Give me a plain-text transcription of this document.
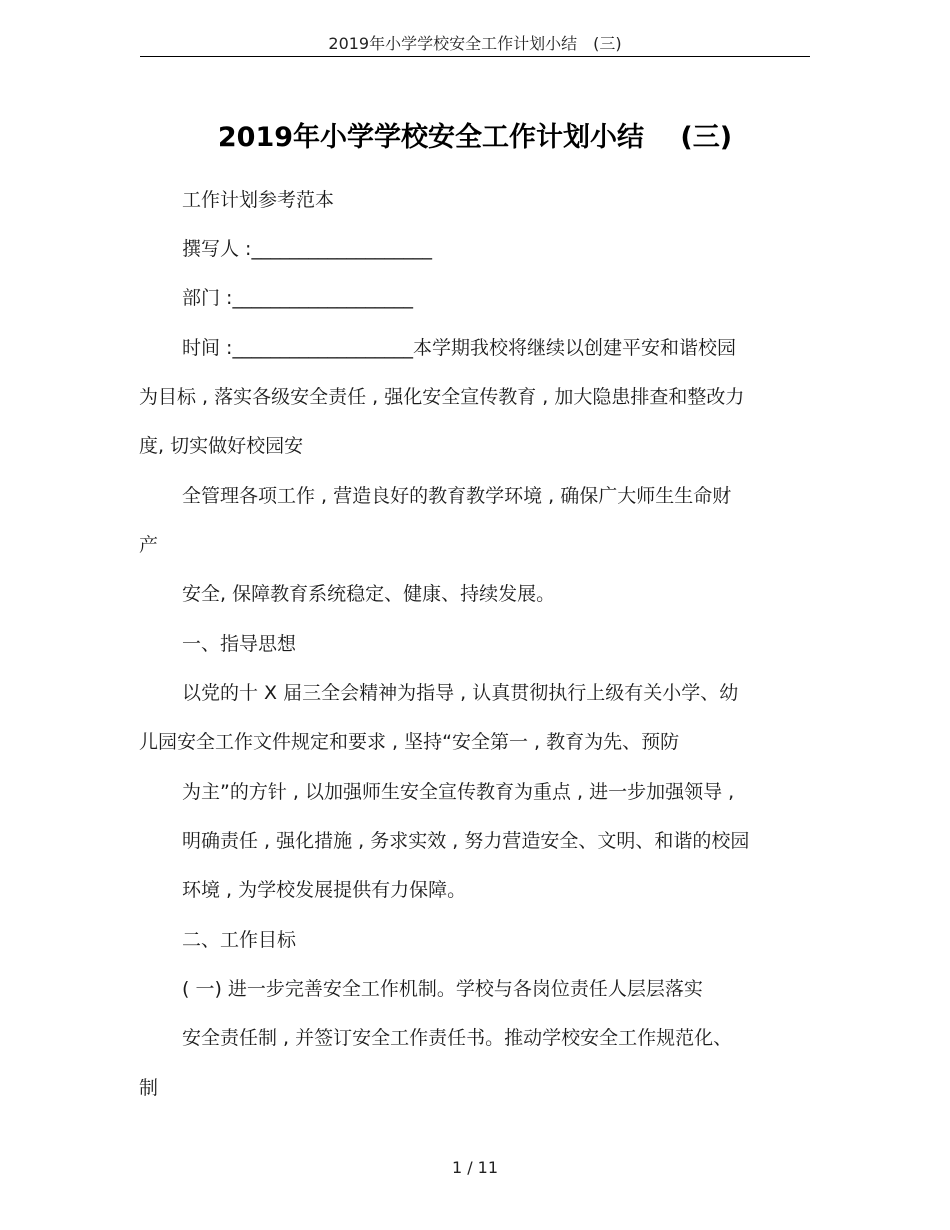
2019年小学学校安全工作计划小结　(三)
2019年小学学校安全工作计划小结　 (三)
工作计划参考范本
撰写人 :___________________
部门 :___________________
时间 :___________________本学期我校将继续以创建平安和谐校园
为目标 , 落实各级安全责任 , 强化安全宣传教育 , 加大隐患排查和整改力
度, 切实做好校园安
全管理各项工作 , 营造良好的教育教学环境 , 确保广大师生生命财
产
安全, 保障教育系统稳定、健康、持续发展。
一、指导思想
以党的十 X 届三全会精神为指导 , 认真贯彻执行上级有关小学、幼
儿园安全工作文件规定和要求 , 坚持“安全第一 , 教育为先、预防
为主”的方针 , 以加强师生安全宣传教育为重点 , 进一步加强领导 ,
明确责任 , 强化措施 , 务求实效 , 努力营造安全、文明、和谐的校园
环境 , 为学校发展提供有力保障。
二、工作目标
( 一) 进一步完善安全工作机制。学校与各岗位责任人层层落实
安全责任制 , 并签订安全工作责任书。推动学校安全工作规范化、
制
1 / 11
